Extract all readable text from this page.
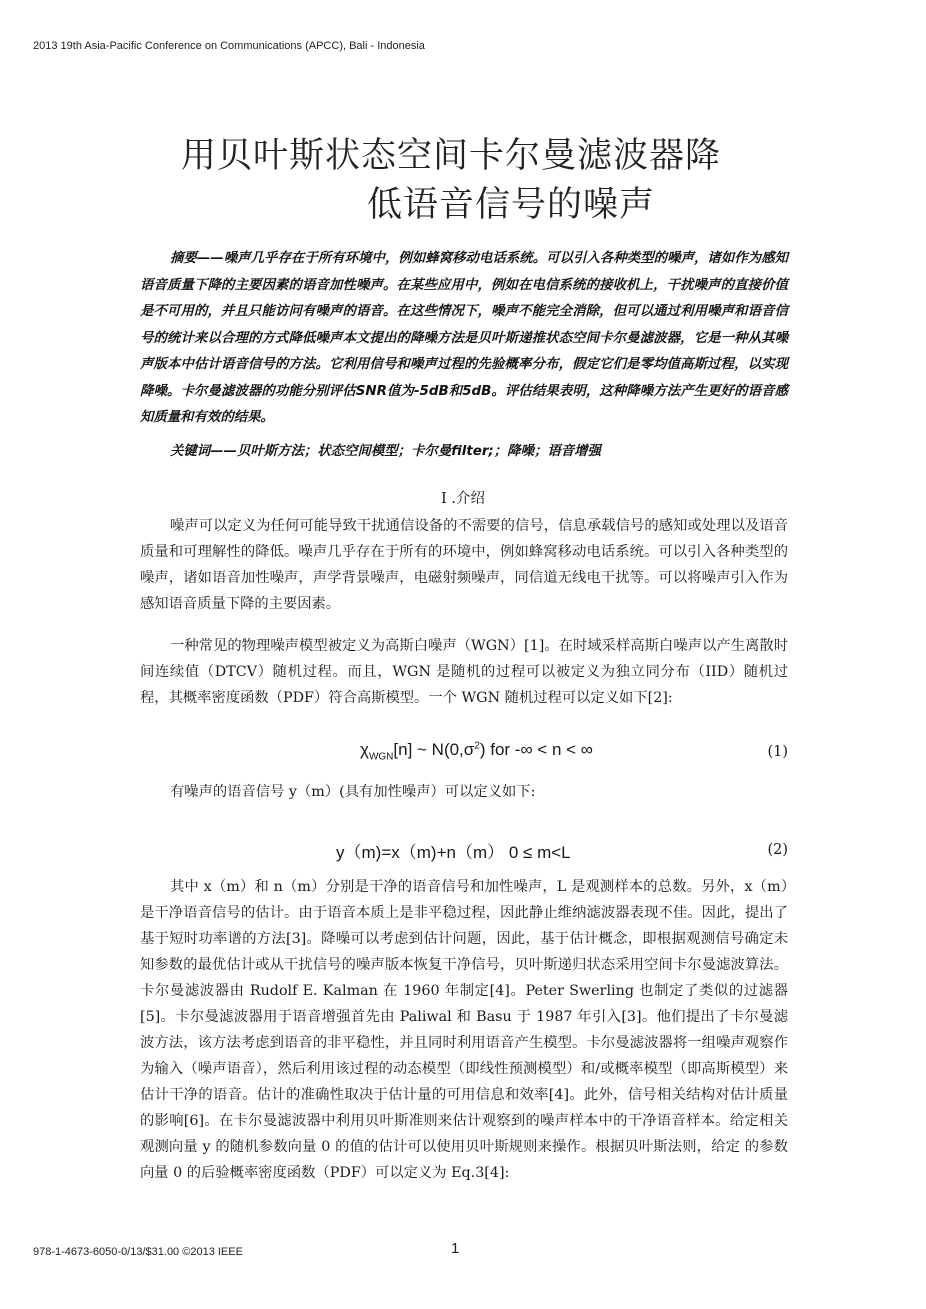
2013 19th Asia-Pacific Conference on Communications (APCC), Bali - Indonesia
用贝叶斯状态空间卡尔曼滤波器降
低语音信号的噪声
摘要——噪声几乎存在于所有环境中，例如蜂窝移动电话系统。可以引入各种类型的噪声，诸如作为感知语音质量下降的主要因素的语音加性噪声。在某些应用中，例如在电信系统的接收机上，干扰噪声的直接价值是不可用的，并且只能访问有噪声的语音。在这些情况下，噪声不能完全消除，但可以通过利用噪声和语音信号的统计来以合理的方式降低噪声本文提出的降噪方法是贝叶斯递推状态空间卡尔曼滤波器，它是一种从其噪声版本中估计语音信号的方法。它利用信号和噪声过程的先验概率分布，假定它们是零均值高斯过程，以实现降噪。卡尔曼滤波器的功能分别评估SNR值为-5dB和5dB。评估结果表明，这种降噪方法产生更好的语音感知质量和有效的结果。
关键词——贝叶斯方法；状态空间模型；卡尔曼filter;；降噪；语音增强
I .介绍
噪声可以定义为任何可能导致干扰通信设备的不需要的信号，信息承载信号的感知或处理以及语音质量和可理解性的降低。噪声几乎存在于所有的环境中，例如蜂窝移动电话系统。可以引入各种类型的噪声，诸如语音加性噪声，声学背景噪声，电磁射频噪声，同信道无线电干扰等。可以将噪声引入作为感知语音质量下降的主要因素。
一种常见的物理噪声模型被定义为高斯白噪声（WGN）[1]。在时域采样高斯白噪声以产生离散时间连续值（DTCV）随机过程。而且，WGN 是随机的过程可以被定义为独立同分布（IID）随机过程，其概率密度函数（PDF）符合高斯模型。一个 WGN 随机过程可以定义如下[2]:
$\chi_{WGN}[n]$ ~ $N(0,\sigma^2)$ for -∞ < n < ∞	(1)
有噪声的语音信号 y（m）(具有加性噪声）可以定义如下:
y（m)=x（m)+n（m） 0 ≤ m<L	(2)
其中 x（m）和 n（m）分别是干净的语音信号和加性噪声，L 是观测样本的总数。另外，x（m）是干净语音信号的估计。由于语音本质上是非平稳过程，因此静止维纳滤波器表现不佳。因此，提出了基于短时功率谱的方法[3]。降噪可以考虑到估计问题，因此，基于估计概念，即根据观测信号确定未知参数的最优估计或从干扰信号的噪声版本恢复干净信号，贝叶斯递归状态采用空间卡尔曼滤波算法。卡尔曼滤波器由 Rudolf E. Kalman 在 1960 年制定[4]。Peter Swerling 也制定了类似的过滤器[5]。卡尔曼滤波器用于语音增强首先由 Paliwal 和 Basu 于 1987 年引入[3]。他们提出了卡尔曼滤波方法，该方法考虑到语音的非平稳性，并且同时利用语音产生模型。卡尔曼滤波器将一组噪声观察作为输入（噪声语音），然后利用该过程的动态模型（即线性预测模型）和/或概率模型（即高斯模型）来估计干净的语音。估计的准确性取决于估计量的可用信息和效率[4]。此外，信号相关结构对估计质量的影响[6]。在卡尔曼滤波器中利用贝叶斯准则来估计观察到的噪声样本中的干净语音样本。给定相关观测向量 y 的随机参数向量 0 的值的估计可以使用贝叶斯规则来操作。根据贝叶斯法则，给定 的参数向量 0 的后验概率密度函数（PDF）可以定义为 Eq.3[4]:
978-1-4673-6050-0/13/$31.00 ©2013 IEEE	1
